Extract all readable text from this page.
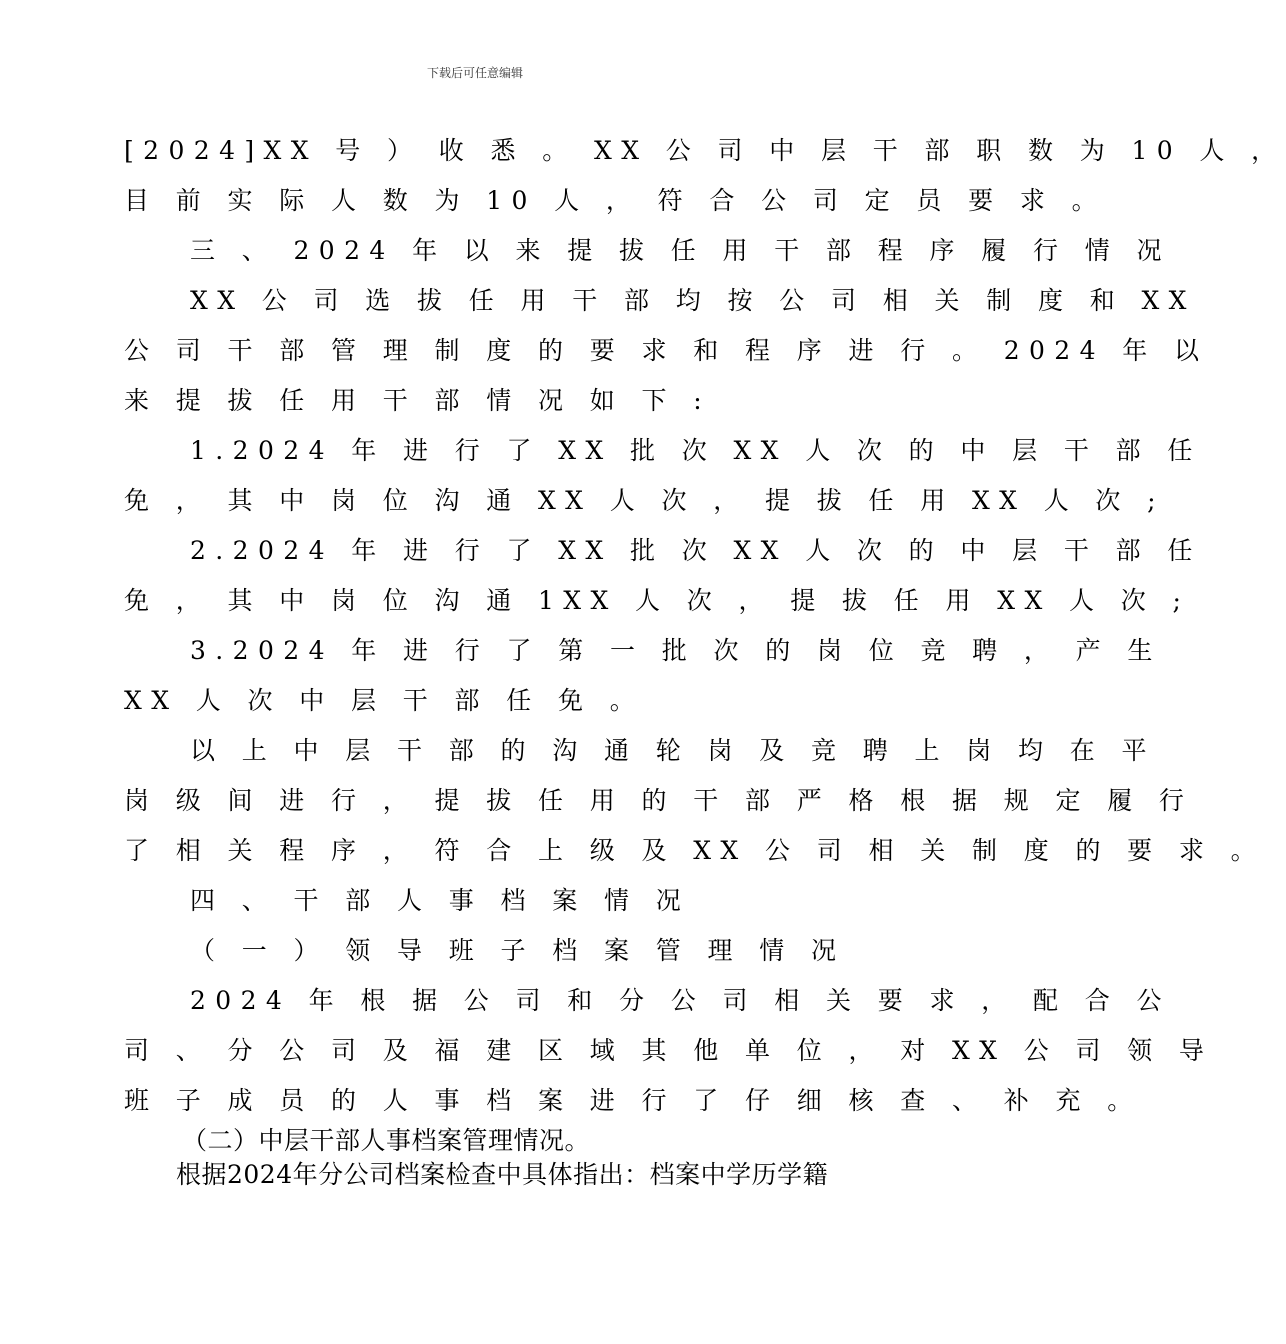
下载后可任意编辑
[2024]XX 号 ） 收 悉 。 XX 公 司 中 层 干 部 职 数 为 10 人 ，
目 前 实 际 人 数 为 10 人 ， 符 合 公 司 定 员 要 求 。
三 、 2024 年 以 来 提 拔 任 用 干 部 程 序 履 行 情 况
XX 公 司 选 拔 任 用 干 部 均 按 公 司 相 关 制 度 和 XX
公 司 干 部 管 理 制 度 的 要 求 和 程 序 进 行 。 2024 年 以
来 提 拔 任 用 干 部 情 况 如 下 :
1.2024 年 进 行 了 XX 批 次 XX 人 次 的 中 层 干 部 任
免 ， 其 中 岗 位 沟 通 XX 人 次 ， 提 拔 任 用 XX 人 次 ;
2.2024 年 进 行 了 XX 批 次 XX 人 次 的 中 层 干 部 任
免 ， 其 中 岗 位 沟 通 1XX 人 次 ， 提 拔 任 用 XX 人 次 ;
3.2024 年 进 行 了 第 一 批 次 的 岗 位 竞 聘 ， 产 生
XX 人 次 中 层 干 部 任 免 。
以 上 中 层 干 部 的 沟 通 轮 岗 及 竞 聘 上 岗 均 在 平
岗 级 间 进 行 ， 提 拔 任 用 的 干 部 严 格 根 据 规 定 履 行
了 相 关 程 序 ， 符 合 上 级 及 XX 公 司 相 关 制 度 的 要 求 。
四 、 干 部 人 事 档 案 情 况
（ 一 ） 领 导 班 子 档 案 管 理 情 况
2024 年 根 据 公 司 和 分 公 司 相 关 要 求 ， 配 合 公
司 、 分 公 司 及 福 建 区 域 其 他 单 位 ， 对 XX 公 司 领 导
班 子 成 员 的 人 事 档 案 进 行 了 仔 细 核 查 、 补 充 。
（二）中层干部人事档案管理情况。
根据2024年分公司档案检查中具体指出：档案中学历学籍
